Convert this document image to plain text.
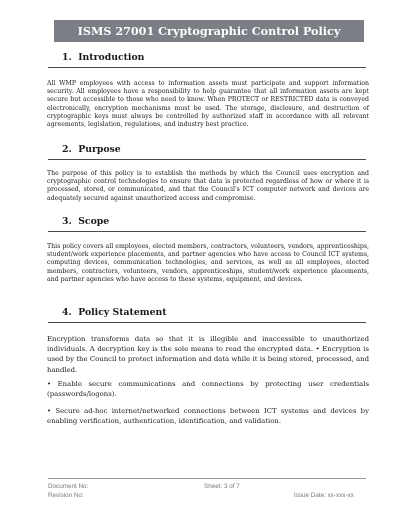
ISMS 27001 Cryptographic Control Policy
1. Introduction
All WMP employees with access to information assets must participate and support information security. All employees have a responsibility to help guarantee that all information assets are kept secure but accessible to those who need to know. When PROTECT or RESTRICTED data is conveyed electronically, encryption mechanisms must be used. The storage, disclosure, and destruction of cryptographic keys must always be controlled by authorized staff in accordance with all relevant agreements, legislation, regulations, and industry best practice.
2. Purpose
The purpose of this policy is to establish the methods by which the Council uses encryption and cryptographic control technologies to ensure that data is protected regardless of how or where it is processed, stored, or communicated, and that the Council's ICT computer network and devices are adequately secured against unauthorized access and compromise.
3. Scope
This policy covers all employees, elected members, contractors, volunteers, vendors, apprenticeships, student/work experience placements, and partner agencies who have access to Council ICT systems, computing devices, communication technologies, and services, as well as all employees, elected members, contractors, volunteers, vendors, apprenticeships, student/work experience placements, and partner agencies who have access to these systems, equipment, and devices.
4. Policy Statement
Encryption transforms data so that it is illegible and inaccessible to unauthorized individuals. A decryption key is the sole means to read the encrypted data. • Encryption is used by the Council to protect information and data while it is being stored, processed, and handled.
• Enable secure communications and connections by protecting user credentials (passwords/logons).
• Secure ad-hoc internet/networked connections between ICT systems and devices by enabling verification, authentication, identification, and validation.
Document No:
Revision No:
Sheet: 3 of 7
Issue Date: xx-xxx-xx
